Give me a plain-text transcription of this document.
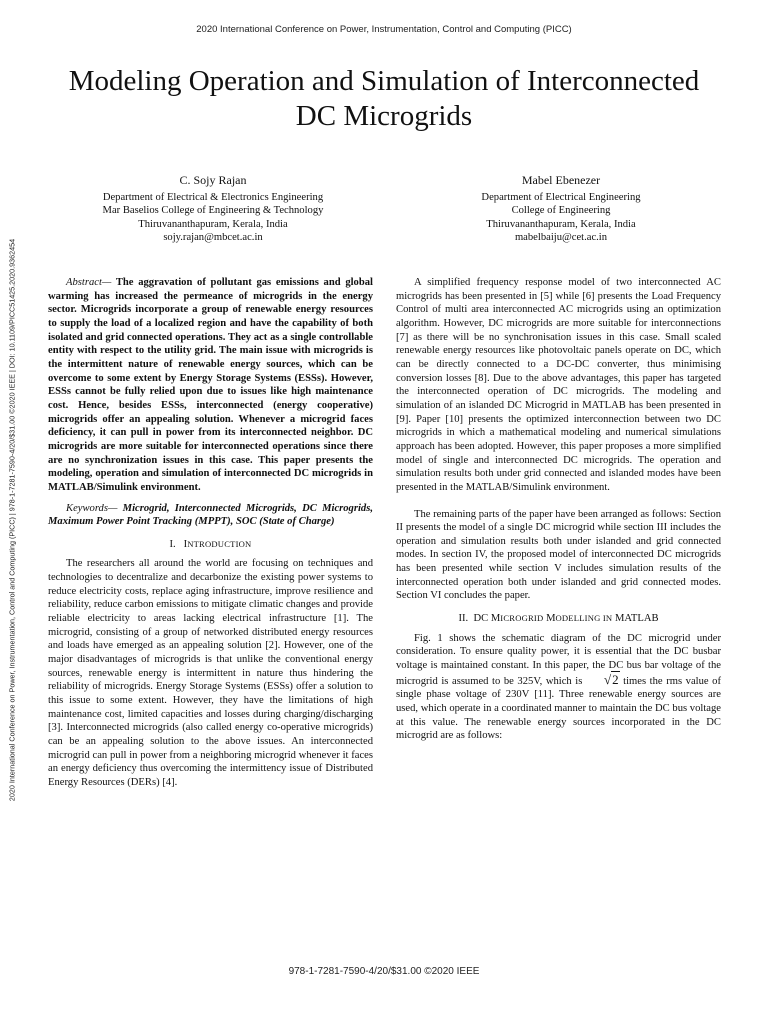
2020 International Conference on Power, Instrumentation, Control and Computing (PICC)
Modeling Operation and Simulation of Interconnected
DC Microgrids
2020 International Conference on Power, Instrumentation, Control and Computing (PICC) | 978-1-7281-7590-4/20/$31.00 ©2020 IEEE | DOI: 10.1109/PICC51425.2020.9362454
C. Sojy Rajan
Department of Electrical & Electronics Engineering
Mar Baselios College of Engineering & Technology
Thiruvananthapuram, Kerala, India
sojy.rajan@mbcet.ac.in
Mabel Ebenezer
Department of Electrical Engineering
College of Engineering
Thiruvananthapuram, Kerala, India
mabelbaiju@cet.ac.in

Abstract— The aggravation of pollutant gas emissions and global warming has increased the permeance of microgrids in the energy sector. Microgrids incorporate a group of renewable energy resources to supply the load of a localized region and have the capability of both isolated and grid connected operations. They act as a single controllable entity with respect to the utility grid. The main issue with microgrids is the intermittent nature of renewable energy sources, which can be overcome to some extent by Energy Storage Systems (ESSs). However, ESSs cannot be fully relied upon due to issues like high maintenance cost. Hence, besides ESSs, interconnected (energy cooperative) microgrids offer an appealing solution. Whenever a microgrid faces deficiency, it can pull in power from its interconnected neighbor. DC microgrids are more suitable for interconnected operations since there are no synchronization issues in this case. This paper presents the modeling, operation and simulation of interconnected DC microgrids in MATLAB/Simulink environment.

Keywords— Microgrid, Interconnected Microgrids, DC Microgrids, Maximum Power Point Tracking (MPPT), SOC (State of Charge)

I. INTRODUCTION

The researchers all around the world are focusing on techniques and technologies to decentralize and decarbonize the existing power systems to reduce electricity costs, replace aging infrastructure, improve resilience and reliability, reduce carbon emissions to mitigate climatic changes and provide reliable electricity to areas lacking electrical infrastructure [1]. The microgrid, consisting of a group of networked distributed energy resources and loads have emerged as an appealing solution [2]. However, one of the major disadvantages of microgrids is that unlike the conventional energy sources, renewable energy is intermittent in nature thus hindering the reliability of microgrids. Energy Storage Systems (ESSs) offer a solution to this issue to some extent. However, they have the limitations of high maintenance cost, limited capacities and losses during charging/discharging [3]. Interconnected microgrids (also called energy co-operative microgrids) can be an appealing solution to the above issues. An interconnected microgrid can pull in power from a neighboring microgrid whenever it faces an energy deficiency thus overcoming the intermittency issue of Distributed Energy Resources (DERs) [4].

A simplified frequency response model of two interconnected AC microgrids has been presented in [5] while [6] presents the Load Frequency Control of multi area interconnected AC microgrids using an optimization algorithm. However, DC microgrids are more suitable for interconnections [7] as there will be no synchronisation issues in this case. Small scaled renewable energy resources like photovoltaic panels operate on DC, which can be directly connected to a DC-DC converter, thus minimising conversion losses [8]. Due to the above advantages, this paper has targeted the interconnected operation of DC microgrids. The modeling and simulation of an islanded DC Microgrid in MATLAB has been presented in [9]. Paper [10] presents the optimized interconnection between two DC microgrids in which a mathematical modeling and numerical simulations approach has been adopted. However, this paper proposes a more simplified model of single and interconnected DC microgrids. The operation and simulation results both under grid connected and islanded modes have been presented in the MATLAB/Simulink environment.

The remaining parts of the paper have been arranged as follows: Section II presents the model of a single DC microgrid while section III includes the operation and simulation results both under islanded and grid connected modes. In section IV, the proposed model of interconnected DC microgrids has been presented while section V includes simulation results of the interconnected operation both under islanded and grid connected modes. Section VI concludes the paper.

II. DC MICROGRID MODELLING IN MATLAB

Fig. 1 shows the schematic diagram of the DC microgrid under consideration. To ensure quality power, it is essential that the DC busbar voltage is maintained constant. In this paper, the DC bus bar voltage of the microgrid is assumed to be 325V, which is √2 times the rms value of single phase voltage of 230V [11]. Three renewable energy sources are used, which operate in a coordinated manner to maintain the DC bus voltage at this value. The renewable energy sources incorporated in the DC microgrid are as follows:

978-1-7281-7590-4/20/$31.00 ©2020 IEEE
